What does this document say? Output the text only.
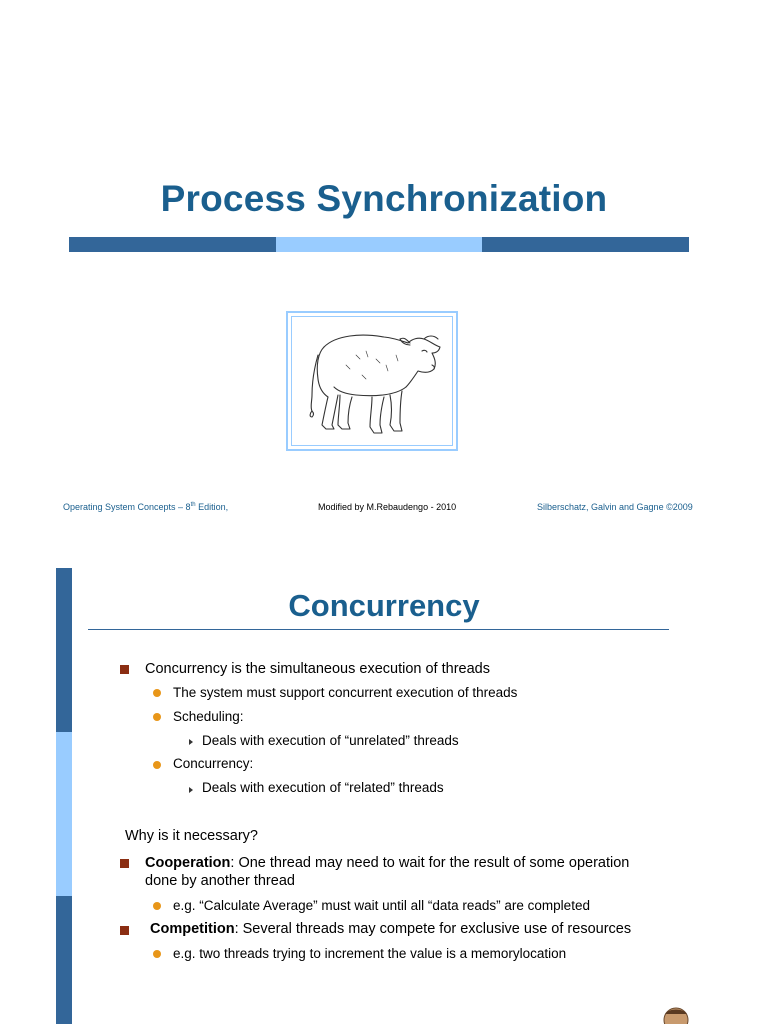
Process Synchronization
Operating System Concepts – 8th Edition,	Modified by M.Rebaudengo - 2010	Silberschatz, Galvin and Gagne ©2009
Concurrency
Concurrency is the simultaneous execution of threads
The system must support concurrent execution of threads
Scheduling:
Deals with execution of “unrelated” threads
Concurrency:
Deals with execution of “related” threads
Why is it necessary?
Cooperation: One thread may need to wait for the result of some operation
done by another thread
e.g. “Calculate Average” must wait until all “data reads” are completed
Competition: Several threads may compete for exclusive use of resources
e.g. two threads trying to increment the value is a memorylocation
